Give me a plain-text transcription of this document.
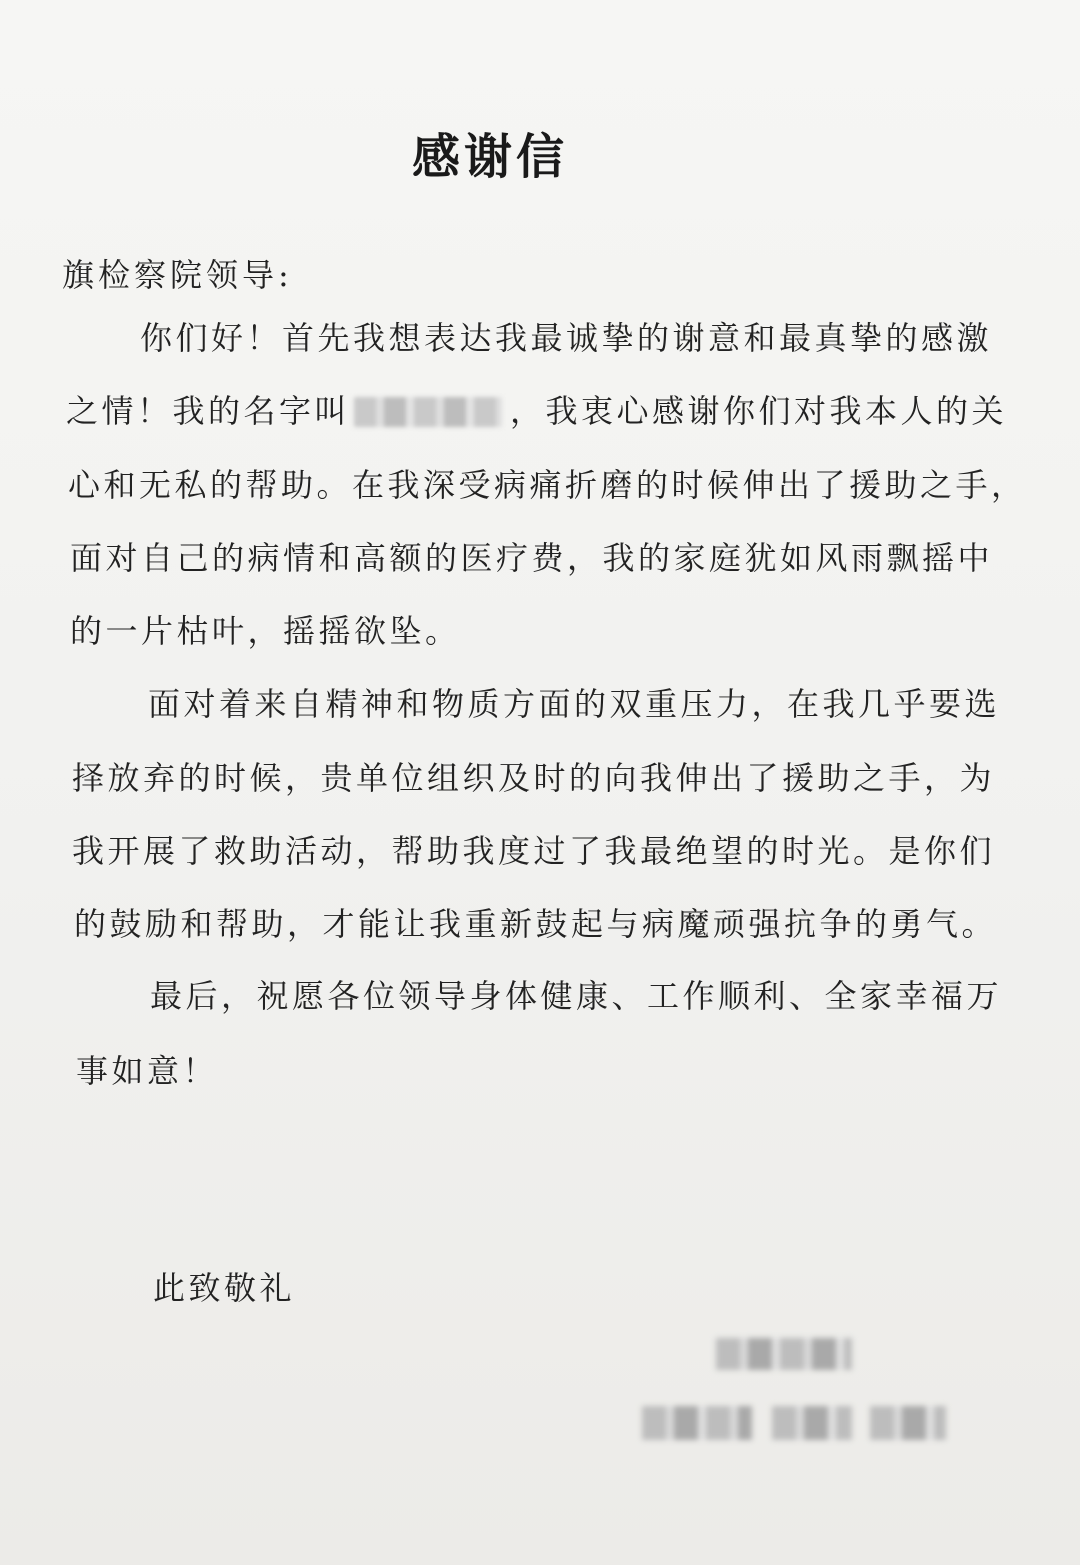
感谢信
旗检察院领导:
你们好！首先我想表达我最诚挚的谢意和最真挚的感激
之情！我的名字叫	，我衷心感谢你们对我本人的关
心和无私的帮助。在我深受病痛折磨的时候伸出了援助之手，
面对自己的病情和高额的医疗费，我的家庭犹如风雨飘摇中
的一片枯叶，摇摇欲坠。
面对着来自精神和物质方面的双重压力，在我几乎要选
择放弃的时候，贵单位组织及时的向我伸出了援助之手，为
我开展了救助活动，帮助我度过了我最绝望的时光。是你们
的鼓励和帮助，才能让我重新鼓起与病魔顽强抗争的勇气。
最后，祝愿各位领导身体健康、工作顺利、全家幸福万
事如意！
此致敬礼
